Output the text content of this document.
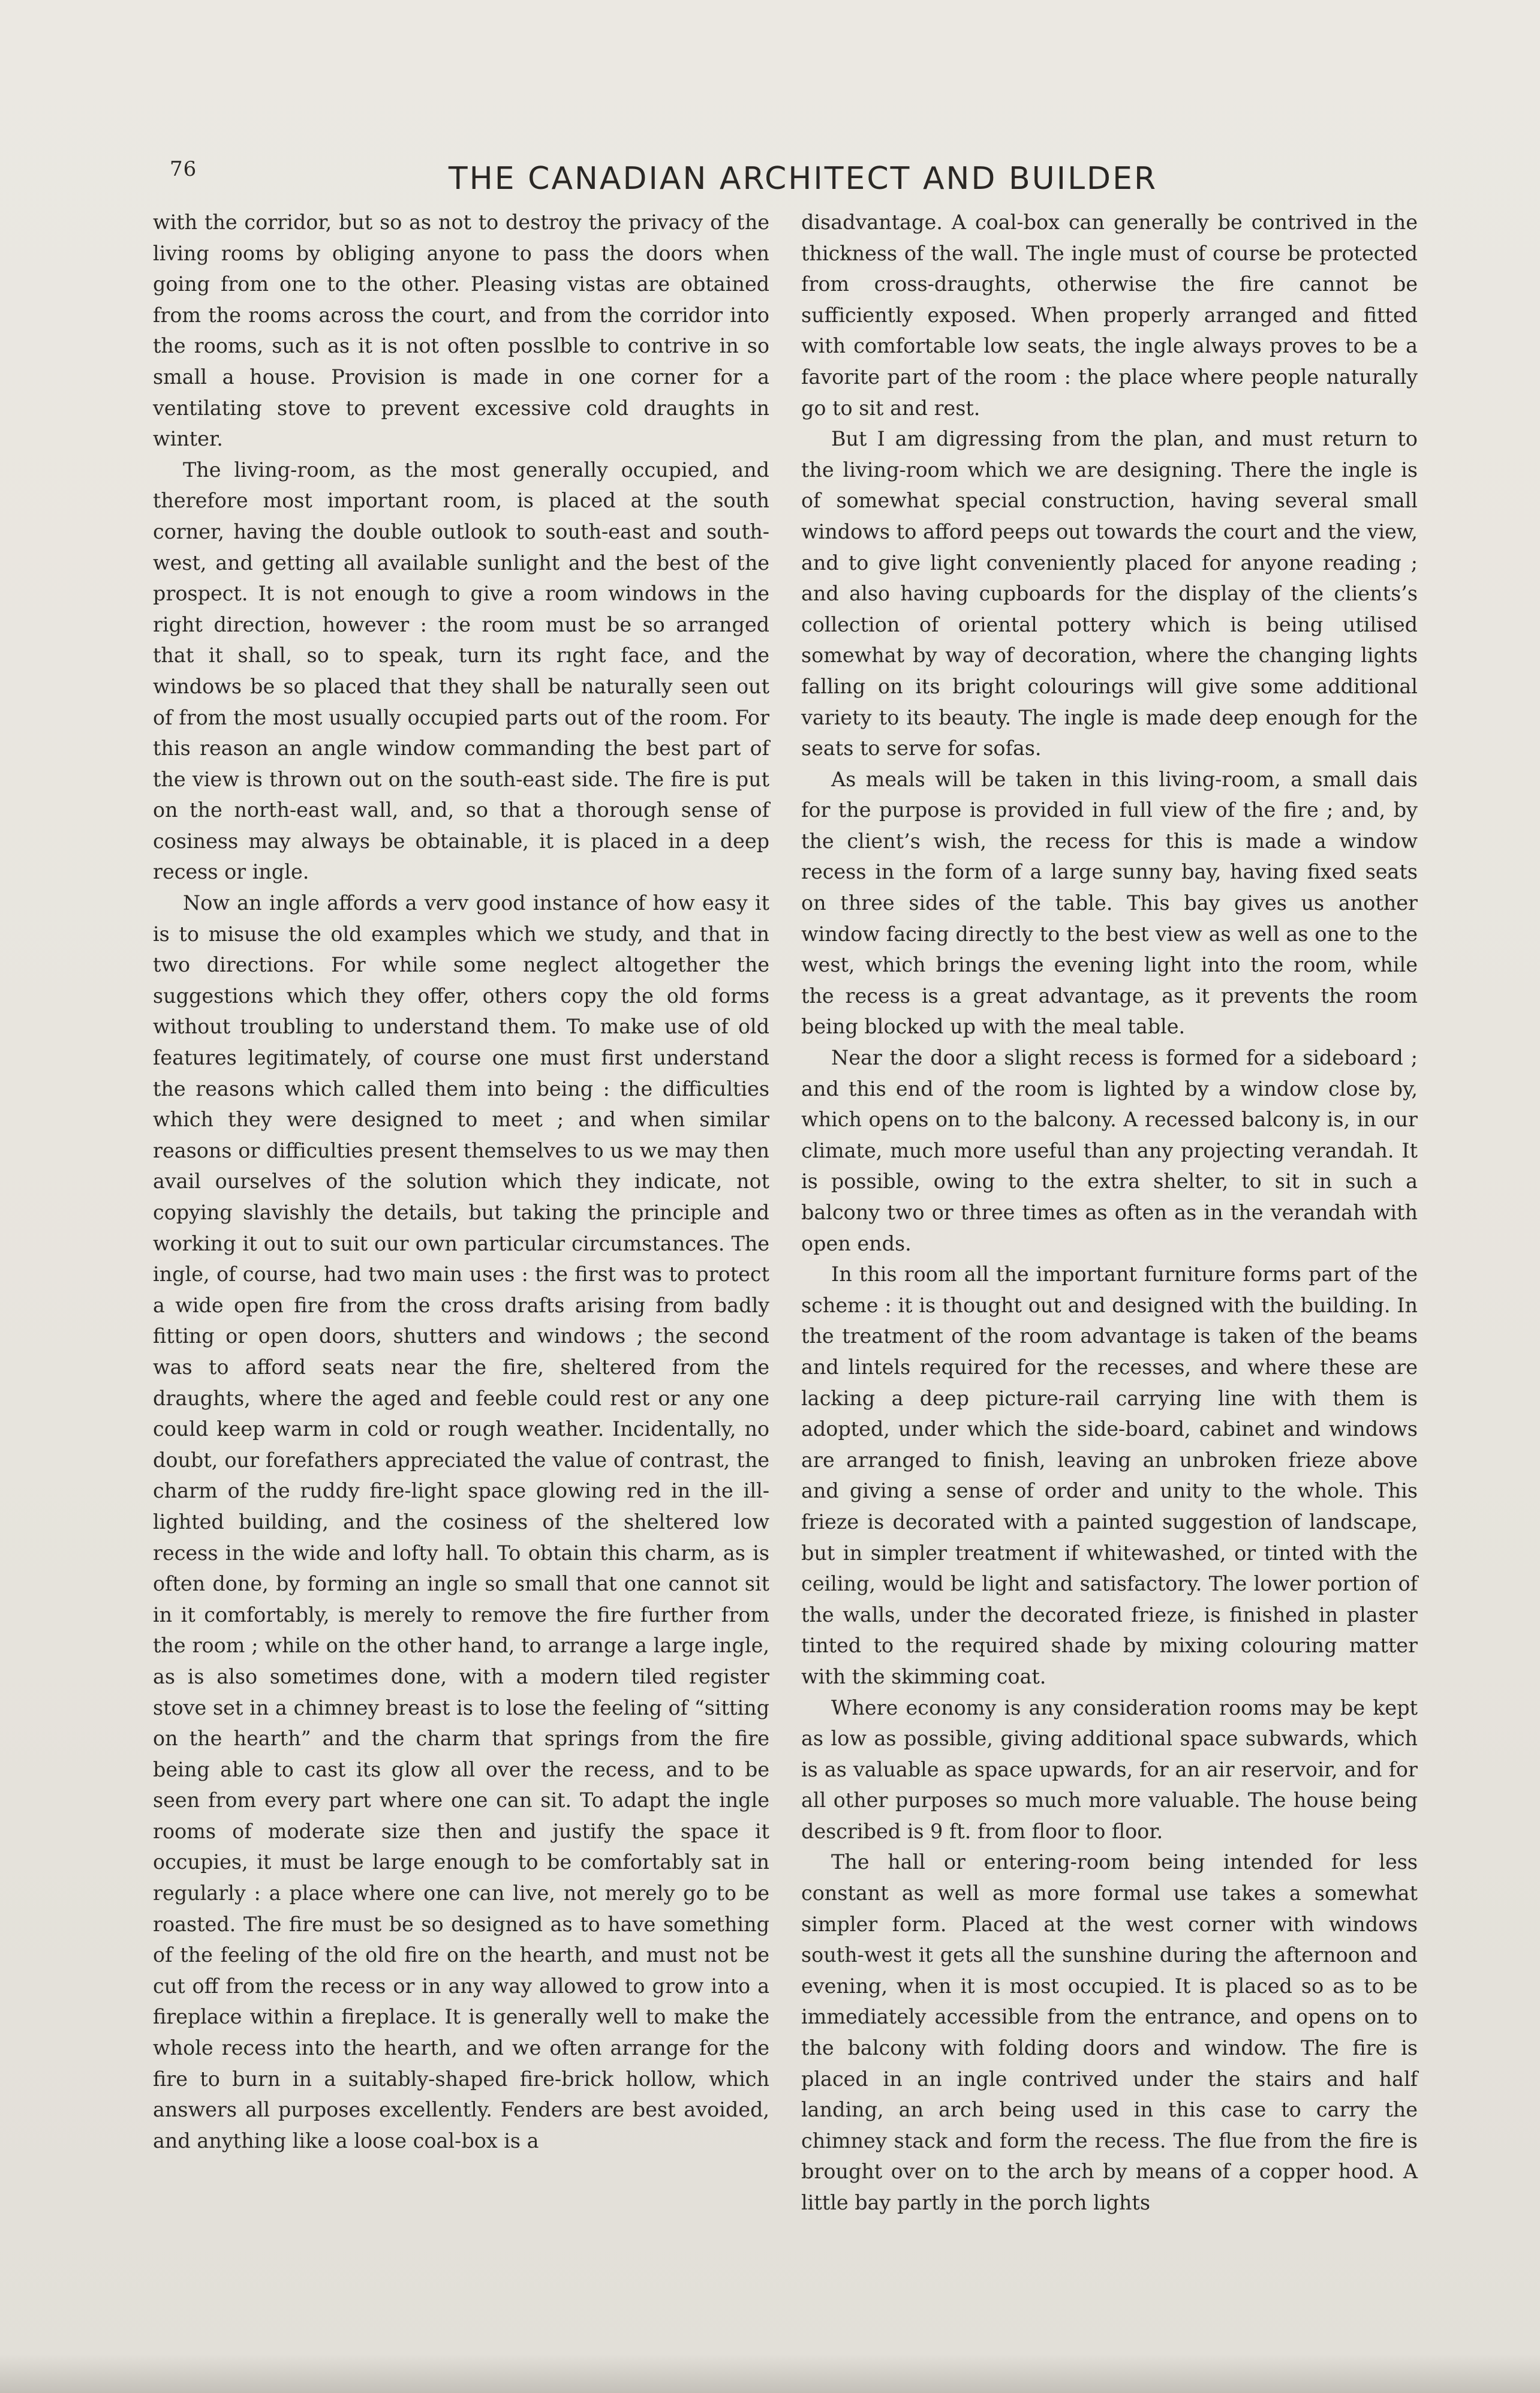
76	THE CANADIAN ARCHITECT AND BUILDER

with the corridor, but so as not to destroy the privacy of the living rooms by obliging anyone to pass the doors when going from one to the other. Pleasing vistas are obtained from the rooms across the court, and from the corridor into the rooms, such as it is not often posslble to contrive in so small a house. Provision is made in one corner for a ventilating stove to prevent excessive cold draughts in winter.

The living-room, as the most generally occupied, and therefore most important room, is placed at the south corner, having the double outlook to south-east and south-west, and getting all available sunlight and the best of the prospect. It is not enough to give a room windows in the right direction, however : the room must be so arranged that it shall, so to speak, turn its rıght face, and the windows be so placed that they shall be naturally seen out of from the most usually occupied parts out of the room. For this reason an angle window commanding the best part of the view is thrown out on the south-east side. The fire is put on the north-east wall, and, so that a thorough sense of cosiness may always be obtainable, it is placed in a deep recess or ingle.

Now an ingle affords a verv good instance of how easy it is to misuse the old examples which we study, and that in two directions. For while some neglect altogether the suggestions which they offer, others copy the old forms without troubling to understand them. To make use of old features legitimately, of course one must first understand the reasons which called them into being : the difficulties which they were designed to meet ; and when similar reasons or difficulties present themselves to us we may then avail ourselves of the solution which they indicate, not copying slavishly the details, but taking the principle and working it out to suit our own particular circumstances. The ingle, of course, had two main uses : the first was to protect a wide open fire from the cross drafts arising from badly fitting or open doors, shutters and windows ; the second was to afford seats near the fire, sheltered from the draughts, where the aged and feeble could rest or any one could keep warm in cold or rough weather. Incidentally, no doubt, our forefathers appreciated the value of contrast, the charm of the ruddy fire-light space glowing red in the ill-lighted building, and the cosiness of the sheltered low recess in the wide and lofty hall. To obtain this charm, as is often done, by forming an ingle so small that one cannot sit in it comfortably, is merely to remove the fire further from the room ; while on the other hand, to arrange a large ingle, as is also sometimes done, with a modern tiled register stove set in a chimney breast is to lose the feeling of “sitting on the hearth” and the charm that springs from the fire being able to cast its glow all over the recess, and to be seen from every part where one can sit. To adapt the ingle rooms of moderate size then and justify the space it occupies, it must be large enough to be comfortably sat in regularly : a place where one can live, not merely go to be roasted. The fire must be so designed as to have something of the feeling of the old fire on the hearth, and must not be cut off from the recess or in any way allowed to grow into a fireplace within a fireplace. It is generally well to make the whole recess into the hearth, and we often arrange for the fire to burn in a suitably-shaped fire-brick hollow, which answers all purposes excellently. Fenders are best avoided, and anything like a loose coal-box is a

disadvantage. A coal-box can generally be contrived in the thickness of the wall. The ingle must of course be protected from cross-draughts, otherwise the fire cannot be sufficiently exposed. When properly arranged and fitted with comfortable low seats, the ingle always proves to be a favorite part of the room : the place where people naturally go to sit and rest.

But I am digressing from the plan, and must return to the living-room which we are designing. There the ingle is of somewhat special construction, having several small windows to afford peeps out towards the court and the view, and to give light conveniently placed for anyone reading ; and also having cupboards for the display of the clients’s collection of oriental pottery which is being utilised somewhat by way of decoration, where the changing lights falling on its bright colourings will give some additional variety to its beauty. The ingle is made deep enough for the seats to serve for sofas.

As meals will be taken in this living-room, a small dais for the purpose is provided in full view of the fire ; and, by the client’s wish, the recess for this is made a window recess in the form of a large sunny bay, having fixed seats on three sides of the table. This bay gives us another window facing directly to the best view as well as one to the west, which brings the evening light into the room, while the recess is a great advantage, as it prevents the room being blocked up with the meal table.

Near the door a slight recess is formed for a sideboard ; and this end of the room is lighted by a window close by, which opens on to the balcony. A recessed balcony is, in our climate, much more useful than any projecting verandah. It is possible, owing to the extra shelter, to sit in such a balcony two or three times as often as in the verandah with open ends.

In this room all the important furniture forms part of the scheme : it is thought out and designed with the building. In the treatment of the room advantage is taken of the beams and lintels required for the recesses, and where these are lacking a deep picture-rail carrying line with them is adopted, under which the side-board, cabinet and windows are arranged to finish, leaving an unbroken frieze above and giving a sense of order and unity to the whole. This frieze is decorated with a painted suggestion of landscape, but in simpler treatment if whitewashed, or tinted with the ceiling, would be light and satisfactory. The lower portion of the walls, under the decorated frieze, is finished in plaster tinted to the required shade by mixing colouring matter with the skimming coat.

Where economy is any consideration rooms may be kept as low as possible, giving additional space subwards, which is as valuable as space upwards, for an air reservoir, and for all other purposes so much more valuable. The house being described is 9 ft. from floor to floor.

The hall or entering-room being intended for less constant as well as more formal use takes a somewhat simpler form. Placed at the west corner with windows south-west it gets all the sunshine during the afternoon and evening, when it is most occupied. It is placed so as to be immediately accessible from the entrance, and opens on to the balcony with folding doors and window. The fire is placed in an ingle contrived under the stairs and half landing, an arch being used in this case to carry the chimney stack and form the recess. The flue from the fire is brought over on to the arch by means of a copper hood. A little bay partly in the porch lights
